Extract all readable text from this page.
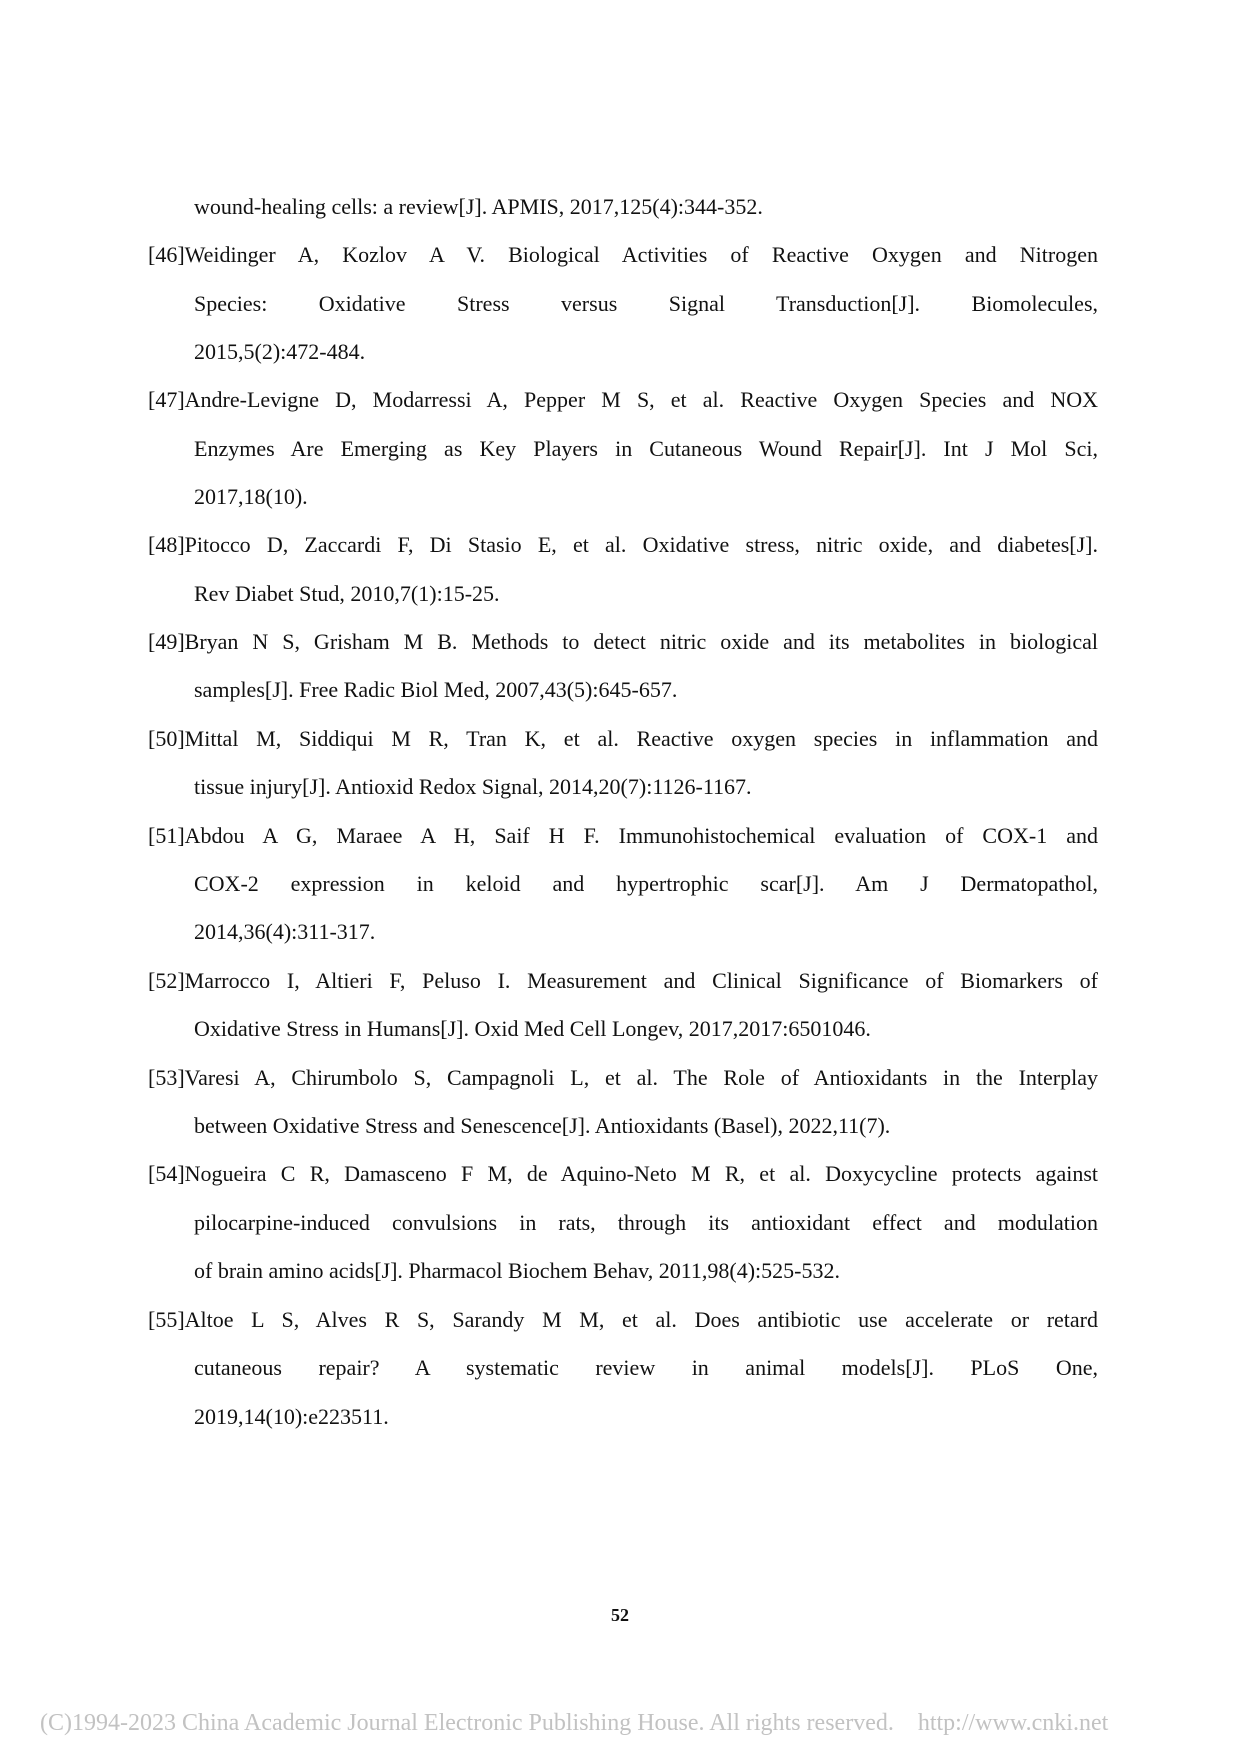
wound-healing cells: a review[J]. APMIS, 2017,125(4):344-352.
[46]Weidinger A, Kozlov A V. Biological Activities of Reactive Oxygen and Nitrogen
Species: Oxidative Stress versus Signal Transduction[J]. Biomolecules,
2015,5(2):472-484.
[47]Andre-Levigne D, Modarressi A, Pepper M S, et al. Reactive Oxygen Species and NOX
Enzymes Are Emerging as Key Players in Cutaneous Wound Repair[J]. Int J Mol Sci,
2017,18(10).
[48]Pitocco D, Zaccardi F, Di Stasio E, et al. Oxidative stress, nitric oxide, and diabetes[J].
Rev Diabet Stud, 2010,7(1):15-25.
[49]Bryan N S, Grisham M B. Methods to detect nitric oxide and its metabolites in biological
samples[J]. Free Radic Biol Med, 2007,43(5):645-657.
[50]Mittal M, Siddiqui M R, Tran K, et al. Reactive oxygen species in inflammation and
tissue injury[J]. Antioxid Redox Signal, 2014,20(7):1126-1167.
[51]Abdou A G, Maraee A H, Saif H F. Immunohistochemical evaluation of COX-1 and
COX-2 expression in keloid and hypertrophic scar[J]. Am J Dermatopathol,
2014,36(4):311-317.
[52]Marrocco I, Altieri F, Peluso I. Measurement and Clinical Significance of Biomarkers of
Oxidative Stress in Humans[J]. Oxid Med Cell Longev, 2017,2017:6501046.
[53]Varesi A, Chirumbolo S, Campagnoli L, et al. The Role of Antioxidants in the Interplay
between Oxidative Stress and Senescence[J]. Antioxidants (Basel), 2022,11(7).
[54]Nogueira C R, Damasceno F M, de Aquino-Neto M R, et al. Doxycycline protects against
pilocarpine-induced convulsions in rats, through its antioxidant effect and modulation
of brain amino acids[J]. Pharmacol Biochem Behav, 2011,98(4):525-532.
[55]Altoe L S, Alves R S, Sarandy M M, et al. Does antibiotic use accelerate or retard
cutaneous repair? A systematic review in animal models[J]. PLoS One,
2019,14(10):e223511.
52
(C)1994-2023 China Academic Journal Electronic Publishing House. All rights reserved. http://www.cnki.net
